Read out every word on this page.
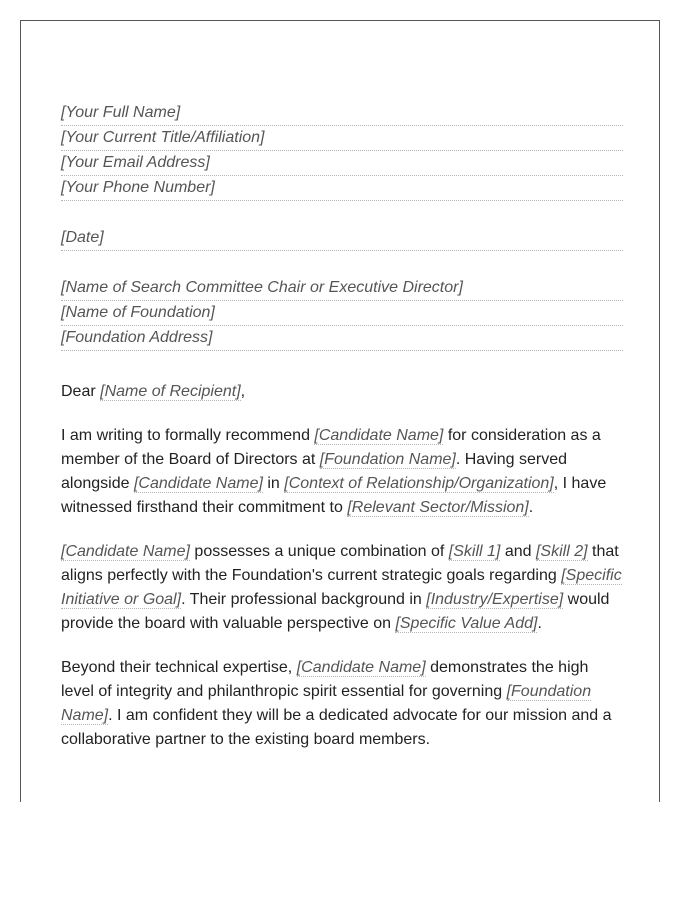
[Your Full Name]
[Your Current Title/Affiliation]
[Your Email Address]
[Your Phone Number]
[Date]
[Name of Search Committee Chair or Executive Director]
[Name of Foundation]
[Foundation Address]
Dear [Name of Recipient],

I am writing to formally recommend [Candidate Name] for consideration as a member of the Board of Directors at [Foundation Name]. Having served alongside [Candidate Name] in [Context of Relationship/Organization], I have witnessed firsthand their commitment to [Relevant Sector/Mission].

[Candidate Name] possesses a unique combination of [Skill 1] and [Skill 2] that aligns perfectly with the Foundation's current strategic goals regarding [Specific Initiative or Goal]. Their professional background in [Industry/Expertise] would provide the board with valuable perspective on [Specific Value Add].

Beyond their technical expertise, [Candidate Name] demonstrates the high level of integrity and philanthropic spirit essential for governing [Foundation Name]. I am confident they will be a dedicated advocate for our mission and a collaborative partner to the existing board members.
